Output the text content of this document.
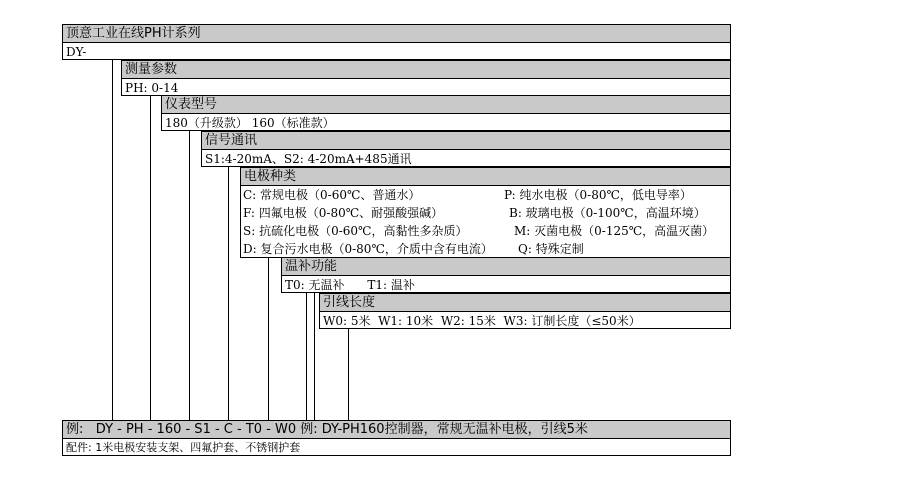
顶意工业在线PH计系列
DY-
测量参数
PH: 0-14
仪表型号
180（升级款） 160（标准款）
信号通讯
S1:4-20mA、S2: 4-20mA+485通讯
电极种类
C: 常规电极（0-60℃、普通水）	P: 纯水电极（0-80℃，低电导率）
F: 四氟电极（0-80℃、耐强酸强碱）	B: 玻璃电极（0-100℃，高温环境）
S: 抗硫化电极（0-60℃，高黏性多杂质）	M: 灭菌电极（0-125℃，高温灭菌）
D: 复合污水电极（0-80℃，介质中含有电流） Q: 特殊定制
温补功能
T0: 无温补      T1: 温补
引线长度
W0: 5米  W1: 10米  W2: 15米  W3: 订制长度（≤50米）
例:   DY - PH - 160 - S1 - C - T0 - W0 例: DY-PH160控制器，常规无温补电极，引线5米
配件: 1米电极安装支架、四氟护套、不锈钢护套
